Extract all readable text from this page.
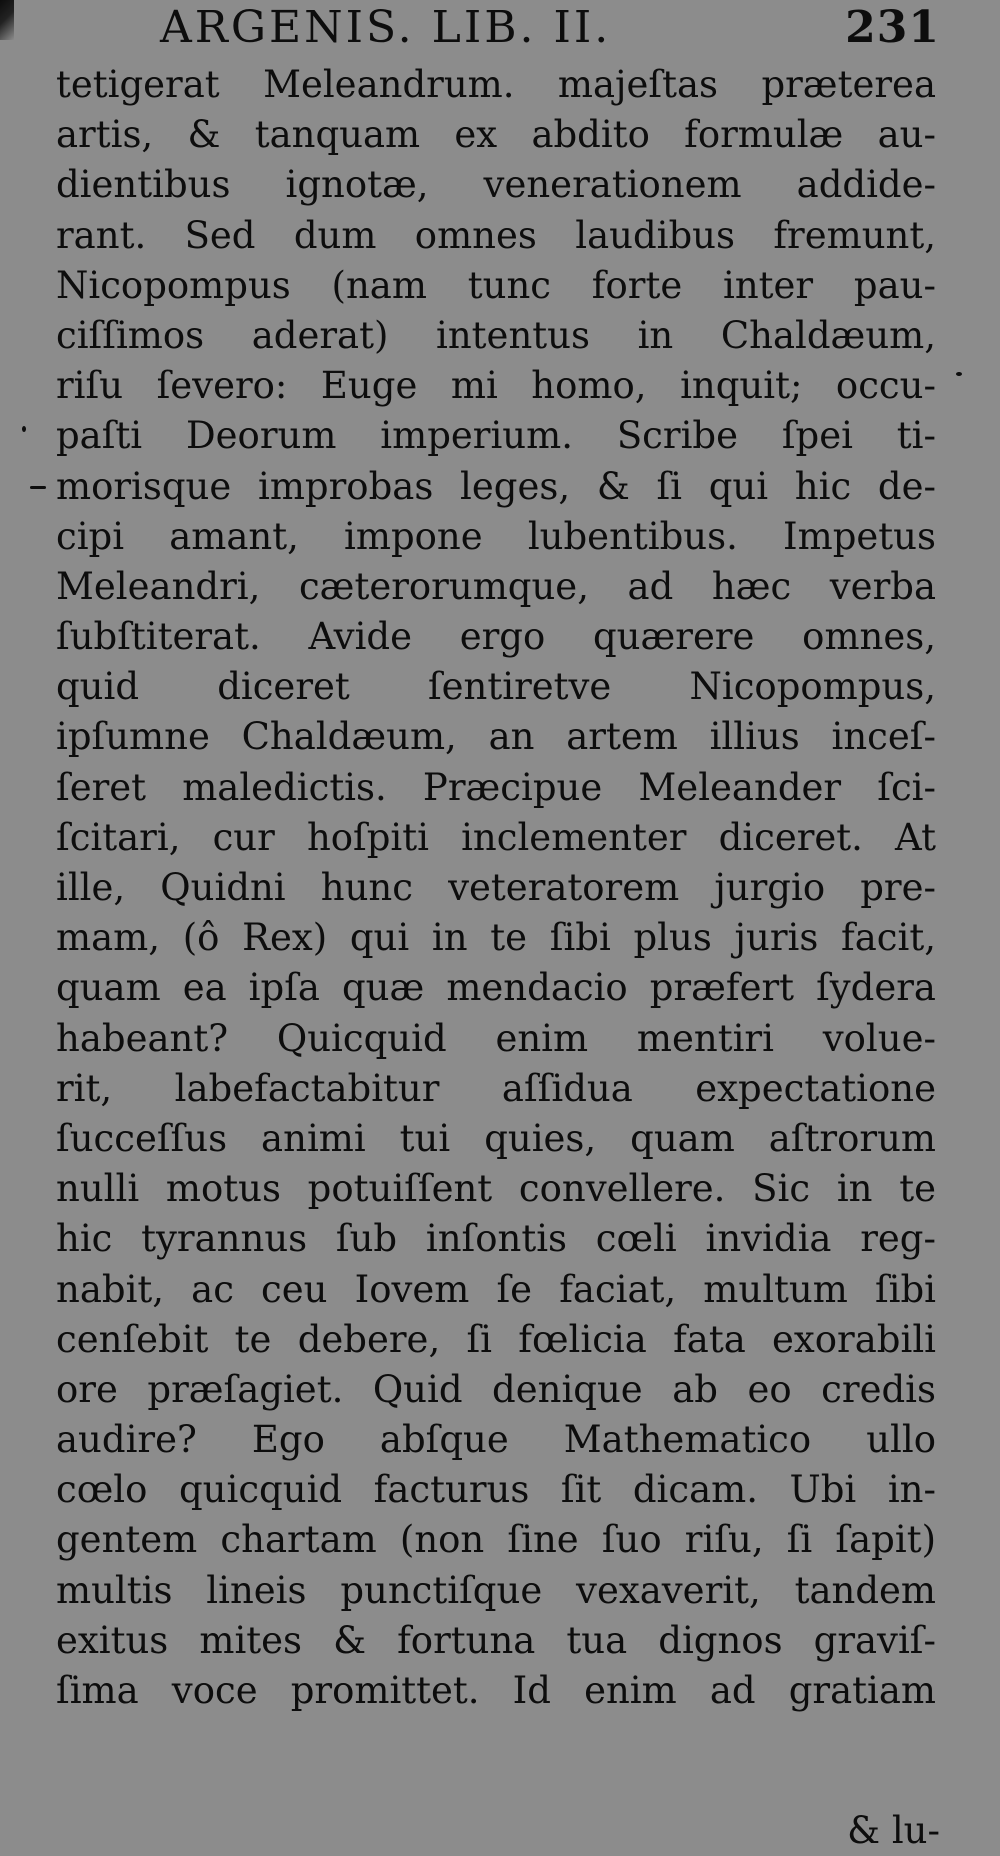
ARGENIS. LIB. II.	231
tetigerat Meleandrum. majeſtas præterea
artis, & tanquam ex abdito formulæ au-
dientibus ignotæ, venerationem addide-
rant. Sed dum omnes laudibus fremunt,
Nicopompus (nam tunc forte inter pau-
ciſſimos aderat) intentus in Chaldæum,
riſu ſevero: Euge mi homo, inquit; occu-
paſti Deorum imperium. Scribe ſpei ti-
morisque improbas leges, & ſi qui hic de-
cipi amant, impone lubentibus. Impetus
Meleandri, cæterorumque, ad hæc verba
ſubſtiterat. Avide ergo quærere omnes,
quid diceret ſentiretve Nicopompus,
ipſumne Chaldæum, an artem illius inceſ-
ſeret maledictis. Præcipue Meleander ſci-
ſcitari, cur hoſpiti inclementer diceret. At
ille, Quidni hunc veteratorem jurgio pre-
mam, (ô Rex) qui in te ſibi plus juris facit,
quam ea ipſa quæ mendacio præfert ſydera
habeant? Quicquid enim mentiri volue-
rit, labefactabitur aſſidua expectatione
ſucceſſus animi tui quies, quam aſtrorum
nulli motus potuiſſent convellere. Sic in te
hic tyrannus ſub inſontis cœli invidia reg-
nabit, ac ceu Iovem ſe faciat, multum ſibi
cenſebit te debere, ſi fœlicia fata exorabili
ore præſagiet. Quid denique ab eo credis
audire? Ego abſque Mathematico ullo
cœlo quicquid facturus ſit dicam. Ubi in-
gentem chartam (non ſine ſuo riſu, ſi ſapit)
multis lineis punctiſque vexaverit, tandem
exitus mites & fortuna tua dignos graviſ-
ſima voce promittet. Id enim ad gratiam
& lu-
